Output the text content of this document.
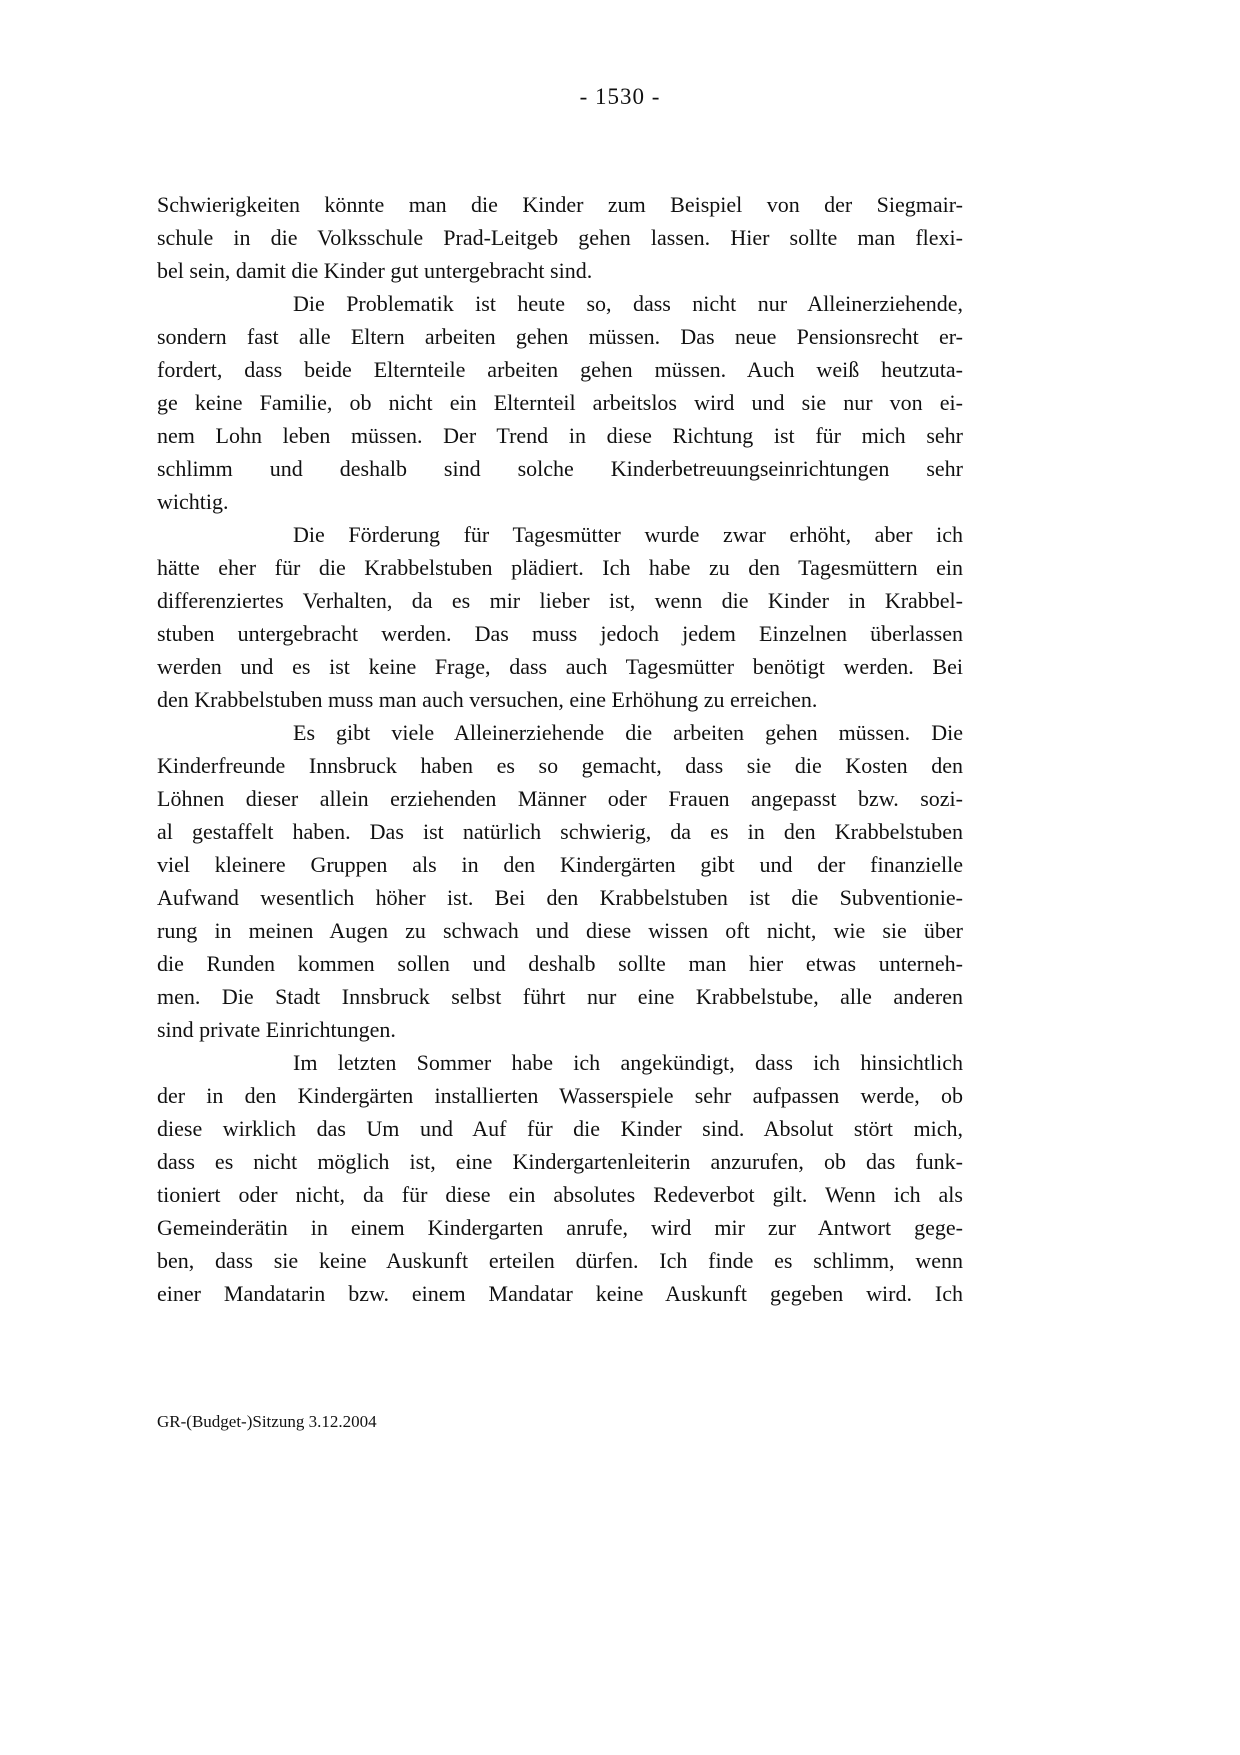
- 1530 -
Schwierigkeiten könnte man die Kinder zum Beispiel von der Siegmair-
schule in die Volksschule Prad-Leitgeb gehen lassen. Hier sollte man flexi-
bel sein, damit die Kinder gut untergebracht sind.
Die Problematik ist heute so, dass nicht nur Alleinerziehende,
sondern fast alle Eltern arbeiten gehen müssen. Das neue Pensionsrecht er-
fordert, dass beide Elternteile arbeiten gehen müssen. Auch weiß heutzuta-
ge keine Familie, ob nicht ein Elternteil arbeitslos wird und sie nur von ei-
nem Lohn leben müssen. Der Trend in diese Richtung ist für mich sehr
schlimm und deshalb sind solche Kinderbetreuungseinrichtungen sehr
wichtig.
Die Förderung für Tagesmütter wurde zwar erhöht, aber ich
hätte eher für die Krabbelstuben plädiert. Ich habe zu den Tagesmüttern ein
differenziertes Verhalten, da es mir lieber ist, wenn die Kinder in Krabbel-
stuben untergebracht werden. Das muss jedoch jedem Einzelnen überlassen
werden und es ist keine Frage, dass auch Tagesmütter benötigt werden. Bei
den Krabbelstuben muss man auch versuchen, eine Erhöhung zu erreichen.
Es gibt viele Alleinerziehende die arbeiten gehen müssen. Die
Kinderfreunde Innsbruck haben es so gemacht, dass sie die Kosten den
Löhnen dieser allein erziehenden Männer oder Frauen angepasst bzw. sozi-
al gestaffelt haben. Das ist natürlich schwierig, da es in den Krabbelstuben
viel kleinere Gruppen als in den Kindergärten gibt und der finanzielle
Aufwand wesentlich höher ist. Bei den Krabbelstuben ist die Subventionie-
rung in meinen Augen zu schwach und diese wissen oft nicht, wie sie über
die Runden kommen sollen und deshalb sollte man hier etwas unterneh-
men. Die Stadt Innsbruck selbst führt nur eine Krabbelstube, alle anderen
sind private Einrichtungen.
Im letzten Sommer habe ich angekündigt, dass ich hinsichtlich
der in den Kindergärten installierten Wasserspiele sehr aufpassen werde, ob
diese wirklich das Um und Auf für die Kinder sind. Absolut stört mich,
dass es nicht möglich ist, eine Kindergartenleiterin anzurufen, ob das funk-
tioniert oder nicht, da für diese ein absolutes Redeverbot gilt. Wenn ich als
Gemeinderätin in einem Kindergarten anrufe, wird mir zur Antwort gege-
ben, dass sie keine Auskunft erteilen dürfen. Ich finde es schlimm, wenn
einer Mandatarin bzw. einem Mandatar keine Auskunft gegeben wird. Ich
GR-(Budget-)Sitzung 3.12.2004
